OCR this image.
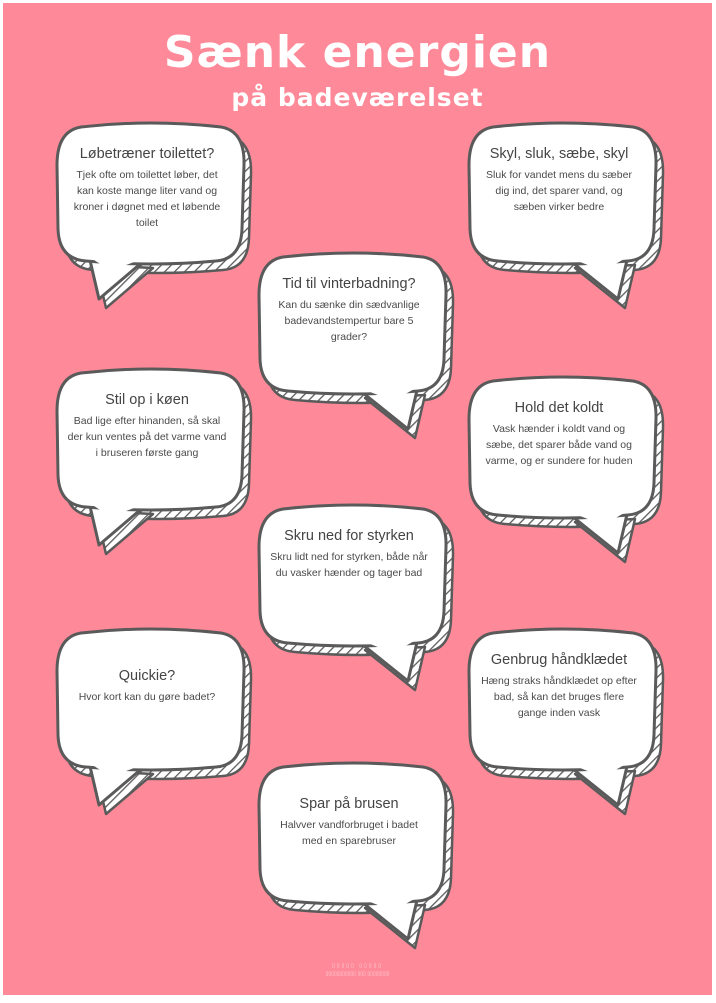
Sænk energien
på badeværelset
Løbetræner toilettet?
Tjek ofte om toilettet løber, det kan koste mange liter vand og kroner i døgnet med et løbende toilet
Skyl, sluk, sæbe, skyl
Sluk for vandet mens du sæber dig ind, det sparer vand, og sæben virker bedre
Tid til vinterbadning?
Kan du sænke din sædvanlige badevandstempertur bare 5 grader?
Stil op i køen
Bad lige efter hinanden, så skal der kun ventes på det varme vand i bruseren første gang
Hold det koldt
Vask hænder i koldt vand og sæbe, det sparer både vand og varme, og er sundere for huden
Skru ned for styrken
Skru lidt ned for styrken, både når du vasker hænder og tager bad
Quickie?
Hvor kort kan du gøre badet?
Genbrug håndklædet
Hæng straks håndklædet op efter bad, så kan det bruges flere gange inden vask
Spar på brusen
Halvver vandforbruget i badet med en sparebruser
▯▯▯▯▯ ▯▯▯▯▯
▯▯▯▯▯▯▯▯▯▯▯ ▯▯▯ ▯▯▯▯▯▯▯▯
